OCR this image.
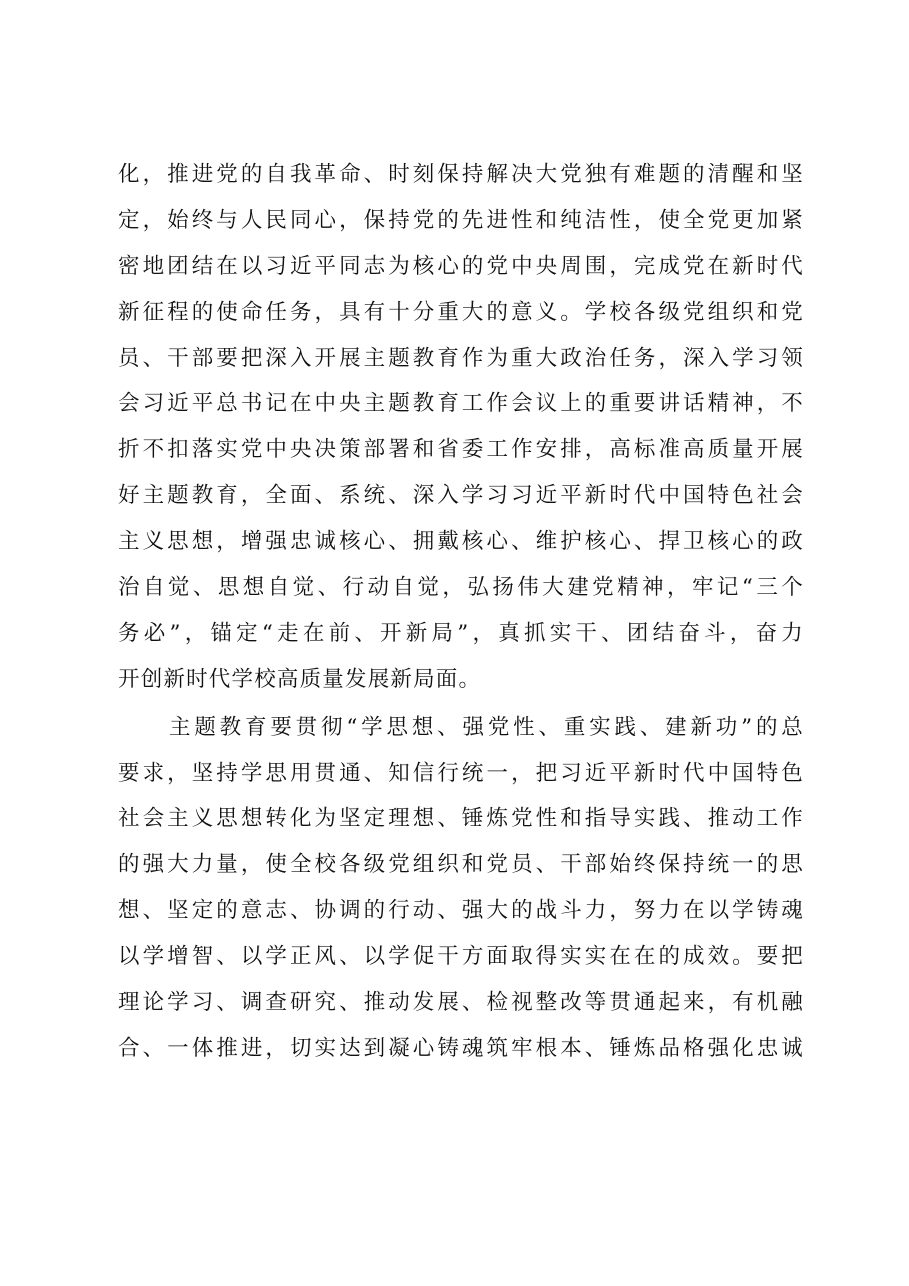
化，推进党的自我革命、时刻保持解决大党独有难题的清醒和坚
定，始终与人民同心，保持党的先进性和纯洁性，使全党更加紧
密地团结在以习近平同志为核心的党中央周围，完成党在新时代
新征程的使命任务，具有十分重大的意义。学校各级党组织和党
员、干部要把深入开展主题教育作为重大政治任务，深入学习领
会习近平总书记在中央主题教育工作会议上的重要讲话精神，不
折不扣落实党中央决策部署和省委工作安排，高标准高质量开展
好主题教育，全面、系统、深入学习习近平新时代中国特色社会
主义思想，增强忠诚核心、拥戴核心、维护核心、捍卫核心的政
治自觉、思想自觉、行动自觉，弘扬伟大建党精神，牢记“三个
务必”，锚定“走在前、开新局”，真抓实干、团结奋斗，奋力
开创新时代学校高质量发展新局面。

主题教育要贯彻“学思想、强党性、重实践、建新功”的总
要求，坚持学思用贯通、知信行统一，把习近平新时代中国特色
社会主义思想转化为坚定理想、锤炼党性和指导实践、推动工作
的强大力量，使全校各级党组织和党员、干部始终保持统一的思
想、坚定的意志、协调的行动、强大的战斗力，努力在以学铸魂
以学增智、以学正风、以学促干方面取得实实在在的成效。要把
理论学习、调查研究、推动发展、检视整改等贯通起来，有机融
合、一体推进，切实达到凝心铸魂筑牢根本、锤炼品格强化忠诚
